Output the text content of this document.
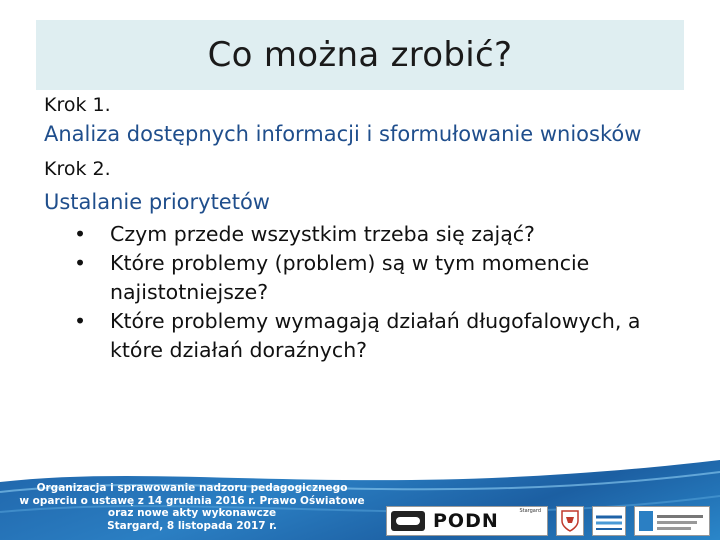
Co można zrobić?

Krok 1.

Analiza dostępnych informacji i sformułowanie wniosków

Krok 2.

Ustalanie priorytetów

• Czym przede wszystkim trzeba się zająć?
• Które problemy (problem) są w tym momencie najistotniejsze?
• Które problemy wymagają działań długofalowych, a które działań doraźnych?
Organizacja i sprawowanie nadzoru pedagogicznego
w oparciu o ustawę z 14 grudnia 2016 r. Prawo Oświatowe
oraz nowe akty wykonawcze
Stargard, 8 listopada 2017 r.	PODN	Stargard
